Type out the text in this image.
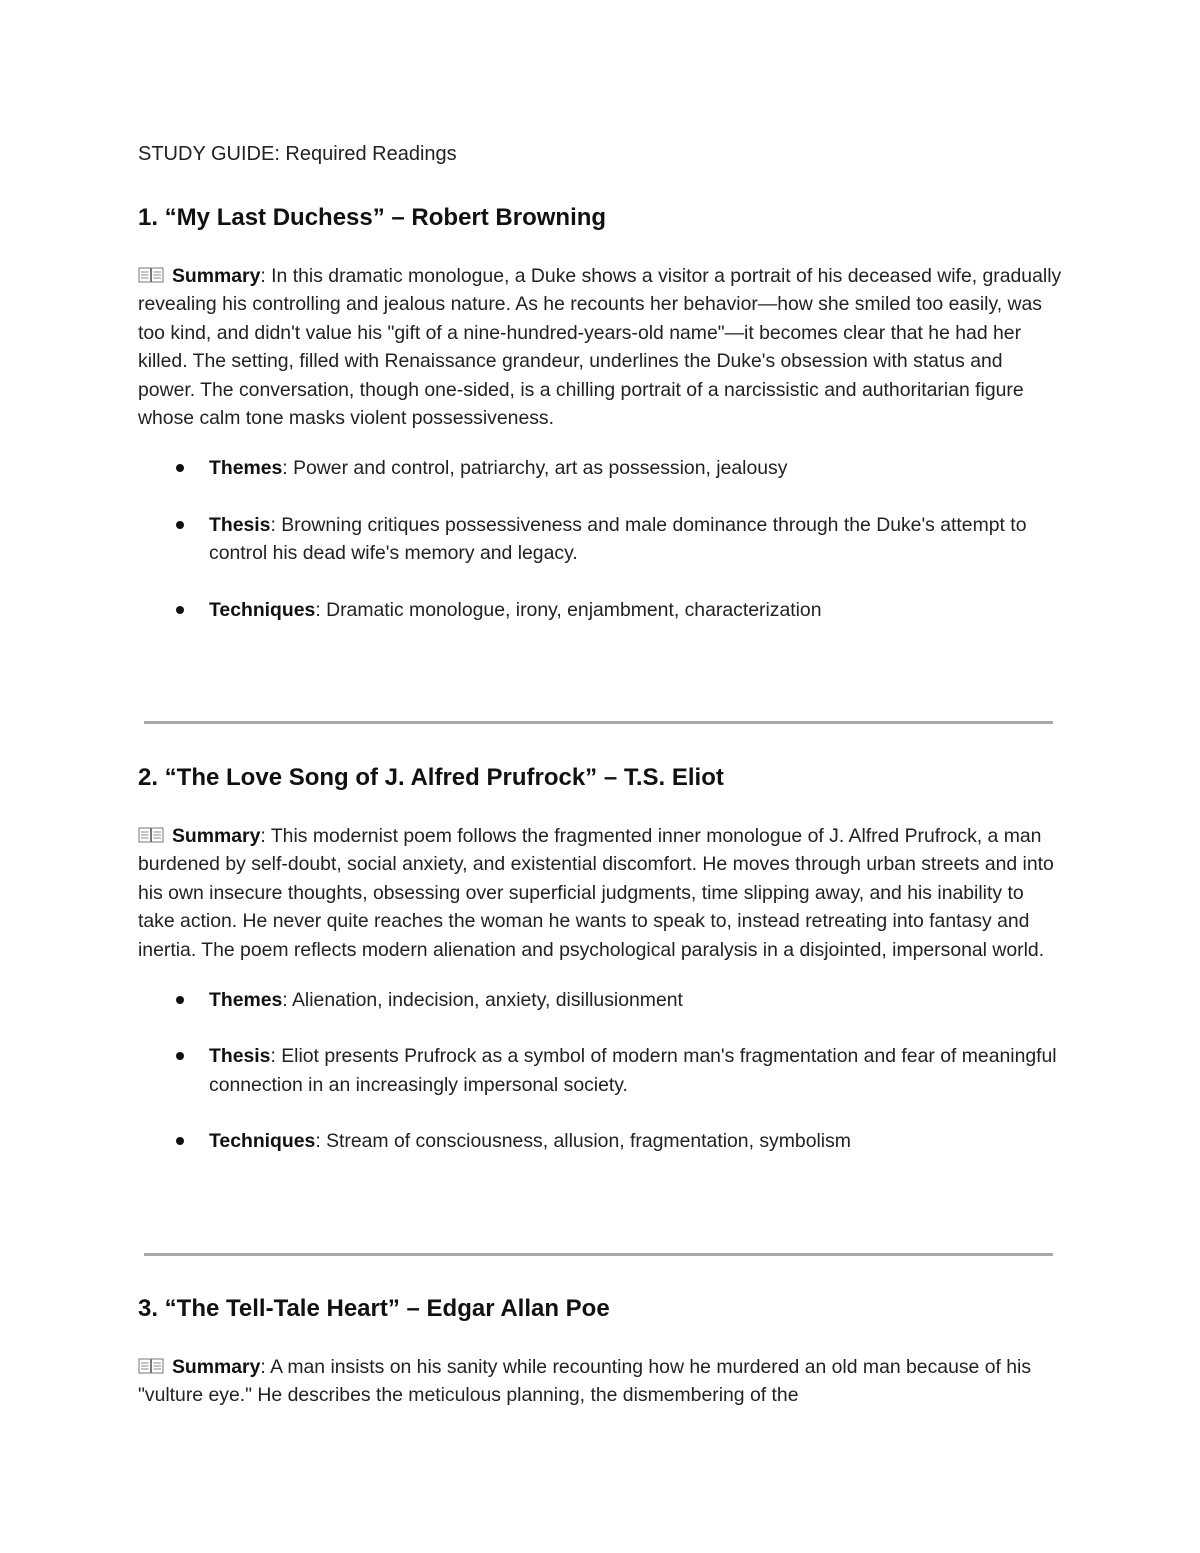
STUDY GUIDE: Required Readings
1. “My Last Duchess” – Robert Browning

Summary: In this dramatic monologue, a Duke shows a visitor a portrait of his deceased wife, gradually revealing his controlling and jealous nature. As he recounts her behavior—how she smiled too easily, was too kind, and didn't value his "gift of a nine-hundred-years-old name"—it becomes clear that he had her killed. The setting, filled with Renaissance grandeur, underlines the Duke's obsession with status and power. The conversation, though one-sided, is a chilling portrait of a narcissistic and authoritarian figure whose calm tone masks violent possessiveness.

Themes: Power and control, patriarchy, art as possession, jealousy
Thesis: Browning critiques possessiveness and male dominance through the Duke's attempt to control his dead wife's memory and legacy.
Techniques: Dramatic monologue, irony, enjambment, characterization
2. “The Love Song of J. Alfred Prufrock” – T.S. Eliot

Summary: This modernist poem follows the fragmented inner monologue of J. Alfred Prufrock, a man burdened by self-doubt, social anxiety, and existential discomfort. He moves through urban streets and into his own insecure thoughts, obsessing over superficial judgments, time slipping away, and his inability to take action. He never quite reaches the woman he wants to speak to, instead retreating into fantasy and inertia. The poem reflects modern alienation and psychological paralysis in a disjointed, impersonal world.

Themes: Alienation, indecision, anxiety, disillusionment
Thesis: Eliot presents Prufrock as a symbol of modern man's fragmentation and fear of meaningful connection in an increasingly impersonal society.
Techniques: Stream of consciousness, allusion, fragmentation, symbolism
3. “The Tell-Tale Heart” – Edgar Allan Poe

Summary: A man insists on his sanity while recounting how he murdered an old man because of his "vulture eye." He describes the meticulous planning, the dismembering of the
